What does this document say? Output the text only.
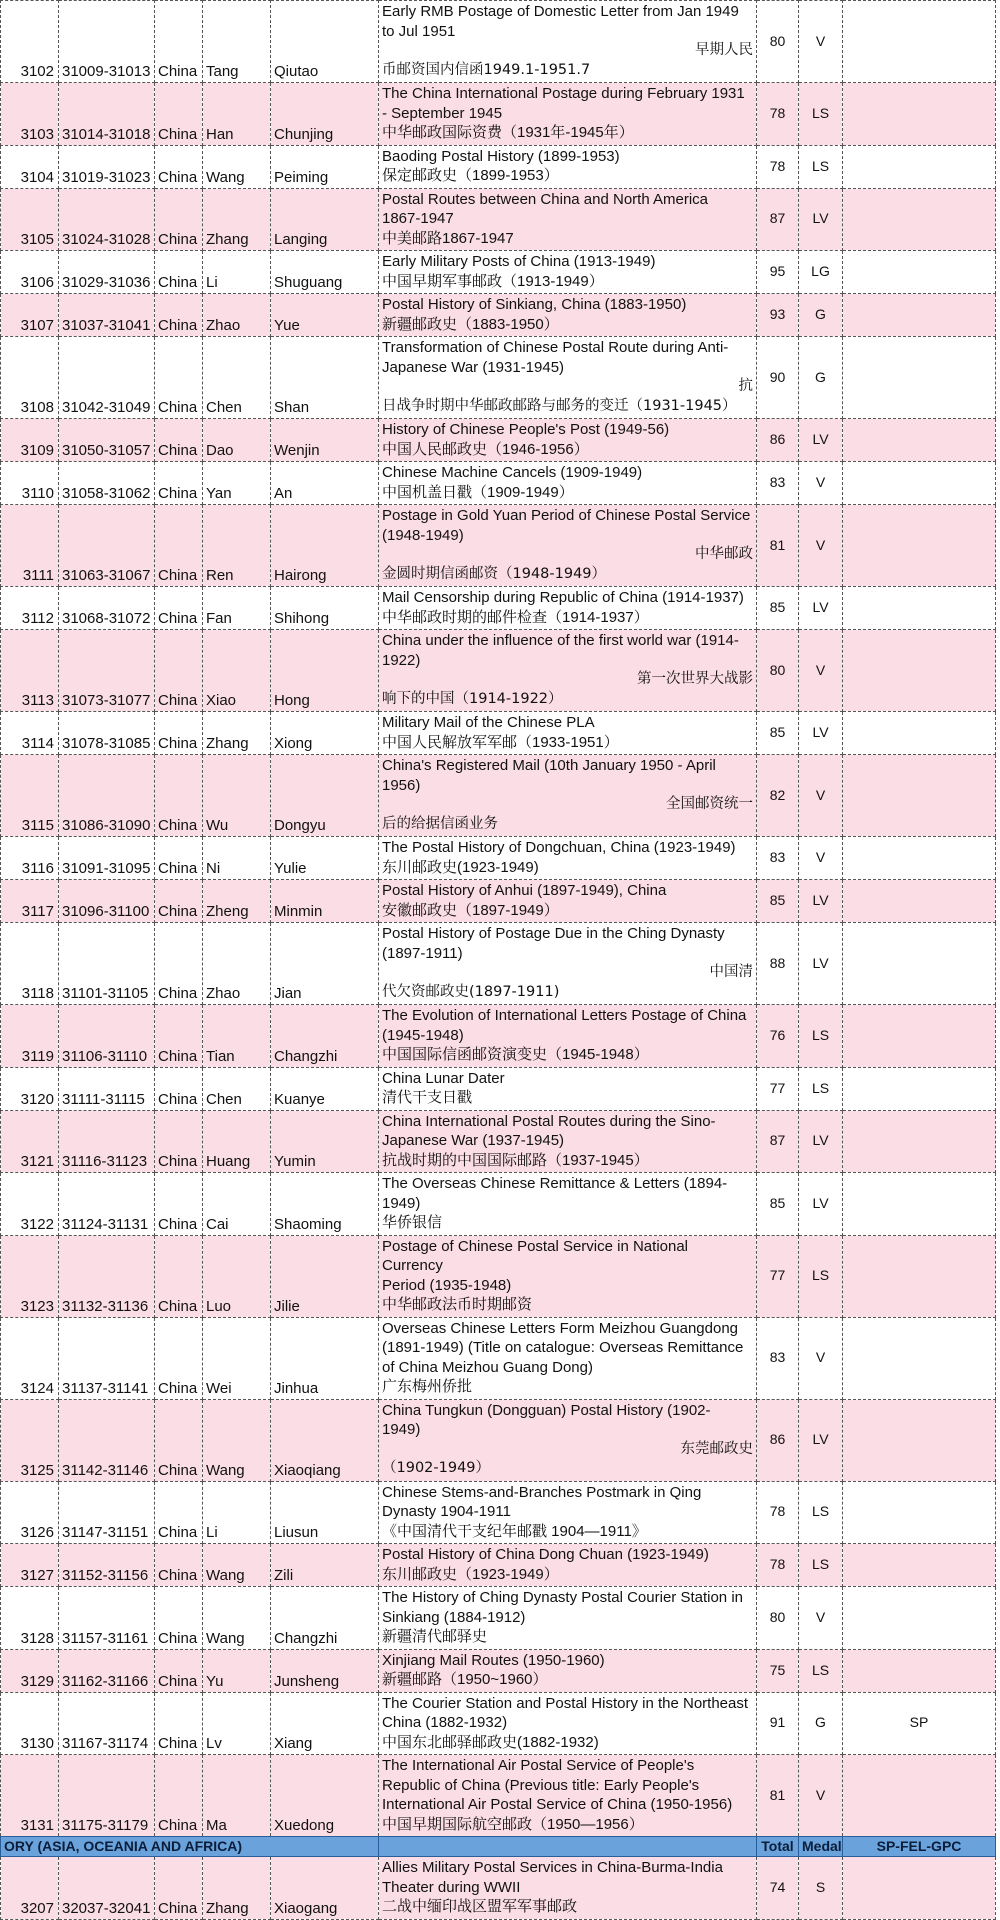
3102	31009-31013	China	Tang	Qiutao	Early RMB Postage of Domestic Letter from Jan 1949
to Jul 1951
早期人民
币邮资国内信函1949.1-1951.7	80	V	
3103	31014-31018	China	Han	Chunjing	The China International Postage during February 1931
- September 1945
中华邮政国际资费（1931年-1945年）	78	LS	
3104	31019-31023	China	Wang	Peiming	Baoding Postal History (1899-1953)
保定邮政史（1899-1953）	78	LS	
3105	31024-31028	China	Zhang	Langing	Postal Routes between China and North America
1867-1947
中美邮路1867-1947	87	LV	
3106	31029-31036	China	Li	Shuguang	Early Military Posts of China (1913-1949)
中国早期军事邮政（1913-1949）	95	LG	
3107	31037-31041	China	Zhao	Yue	Postal History of Sinkiang, China (1883-1950)
新疆邮政史（1883-1950）	93	G	
3108	31042-31049	China	Chen	Shan	Transformation of Chinese Postal Route during Anti-
Japanese War (1931-1945)
抗
日战争时期中华邮政邮路与邮务的变迁（1931-1945）	90	G	
3109	31050-31057	China	Dao	Wenjin	History of Chinese People's Post (1949-56)
中国人民邮政史（1946-1956）	86	LV	
3110	31058-31062	China	Yan	An	Chinese Machine Cancels (1909-1949)
中国机盖日戳（1909-1949）	83	V	
3111	31063-31067	China	Ren	Hairong	Postage in Gold Yuan Period of Chinese Postal Service
(1948-1949)
中华邮政
金圆时期信函邮资（1948-1949）	81	V	
3112	31068-31072	China	Fan	Shihong	Mail Censorship during Republic of China (1914-1937)
中华邮政时期的邮件检查（1914-1937）	85	LV	
3113	31073-31077	China	Xiao	Hong	China under the influence of the first world war (1914-
1922)
第一次世界大战影
响下的中国（1914-1922）	80	V	
3114	31078-31085	China	Zhang	Xiong	Military Mail of the Chinese PLA
中国人民解放军军邮（1933-1951）	85	LV	
3115	31086-31090	China	Wu	Dongyu	China's Registered Mail (10th January 1950 - April
1956)
全国邮资统一
后的给据信函业务	82	V	
3116	31091-31095	China	Ni	Yulie	The Postal History of Dongchuan, China (1923-1949)
东川邮政史(1923-1949)	83	V	
3117	31096-31100	China	Zheng	Minmin	Postal History of Anhui (1897-1949), China
安徽邮政史（1897-1949）	85	LV	
3118	31101-31105	China	Zhao	Jian	Postal History of Postage Due in the Ching Dynasty
(1897-1911)
中国清
代欠资邮政史(1897-1911)	88	LV	
3119	31106-31110	China	Tian	Changzhi	The Evolution of International Letters Postage of China
(1945-1948)
中国国际信函邮资演变史（1945-1948）	76	LS	
3120	31111-31115	China	Chen	Kuanye	China Lunar Dater
清代干支日戳	77	LS	
3121	31116-31123	China	Huang	Yumin	China International Postal Routes during the Sino-
Japanese War (1937-1945)
抗战时期的中国国际邮路（1937-1945）	87	LV	
3122	31124-31131	China	Cai	Shaoming	The Overseas Chinese Remittance & Letters (1894-
1949)
华侨银信	85	LV	
3123	31132-31136	China	Luo	Jilie	Postage of Chinese Postal Service in National Currency
Period (1935-1948)
中华邮政法币时期邮资	77	LS	
3124	31137-31141	China	Wei	Jinhua	Overseas Chinese Letters Form Meizhou Guangdong
(1891-1949) (Title on catalogue: Overseas Remittance
of China Meizhou Guang Dong)
广东梅州侨批	83	V	
3125	31142-31146	China	Wang	Xiaoqiang	China Tungkun (Dongguan) Postal History (1902-
1949)
东莞邮政史
（1902-1949）	86	LV	
3126	31147-31151	China	Li	Liusun	Chinese Stems-and-Branches Postmark in Qing
Dynasty 1904-1911
《中国清代干支纪年邮戳 1904—1911》	78	LS	
3127	31152-31156	China	Wang	Zili	Postal History of China Dong Chuan (1923-1949)
东川邮政史（1923-1949）	78	LS	
3128	31157-31161	China	Wang	Changzhi	The History of Ching Dynasty Postal Courier Station in
Sinkiang (1884-1912)
新疆清代邮驿史	80	V	
3129	31162-31166	China	Yu	Junsheng	Xinjiang Mail Routes (1950-1960)
新疆邮路（1950~1960）	75	LS	
3130	31167-31174	China	Lv	Xiang	The Courier Station and Postal History in the Northeast
China (1882-1932)
中国东北邮驿邮政史(1882-1932)	91	G	SP
3131	31175-31179	China	Ma	Xuedong	The International Air Postal Service of People's
Republic of China (Previous title: Early People's
International Air Postal Service of China (1950-1956)
中国早期国际航空邮政（1950—1956）	81	V	
ORY (ASIA, OCEANIA AND AFRICA)						Total	Medal	SP-FEL-GPC
3207	32037-32041	China	Zhang	Xiaogang	Allies Military Postal Services in China-Burma-India
Theater during WWII
二战中缅印战区盟军军事邮政	74	S	
